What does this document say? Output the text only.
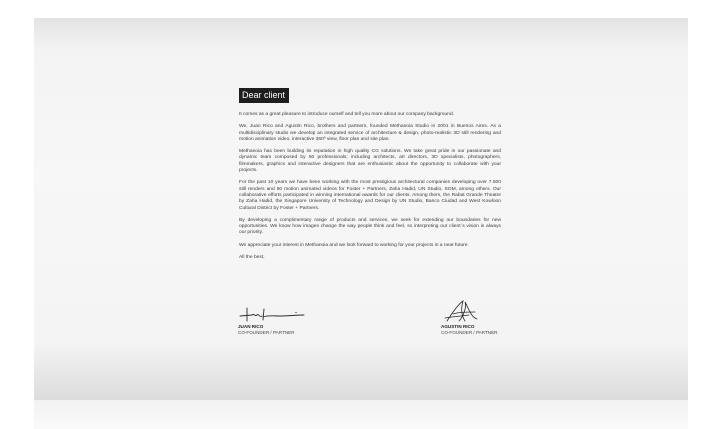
Dear client

It comes as a great pleasure to introduce ourself and tell you more about our company background.

We, Juan Rico and Agustin Rico, brothers and partners, founded Methanoia Studio in 2001 in Buenos Aires. As a multidisciplinary studio we develop an integrated service of architecture & design, photo-realistic 3D still rendering and motion animation video, interactive 360º view, floor plan and site plan.

Methanoia has been building its reputation in high quality CG solutions. We take great pride in our passionate and dynamic team composed by 50 professionals; including architects, art directors, 3D specialists, photographers, filmmakers, graphics and interactive designers that are enthusiastic about the opportunity to collaborate with your projects.

For the past 10 years we have been working with the most prestigious architectural companies developing over 7.500 still renders and 50 motion animated videos for Foster + Partners, Zaha Hadid, UN Studio, SOM, among others. Our collaborative efforts participated in winning international awards for our clients. Among them, the Rabat Grande Theatre by Zaha Hadid, the Singapore University of Technology and Design by UN Studio, Banco Ciudad and West Kowloon Cultural District by Foster + Partners.

By developing a complimentary range of products and services, we seek for extending our boundaries for new opportunities. We know how images change the way people think and feel, so interpreting our client´s vision is always our priority.

We appreciate your interest in Methanoia and we look forward to working for your projects in a near future.

All the best,

JUAN RICO
CO-FOUNDER / PARTNER
AGUSTIN RICO
CO-FOUNDER / PARTNER
